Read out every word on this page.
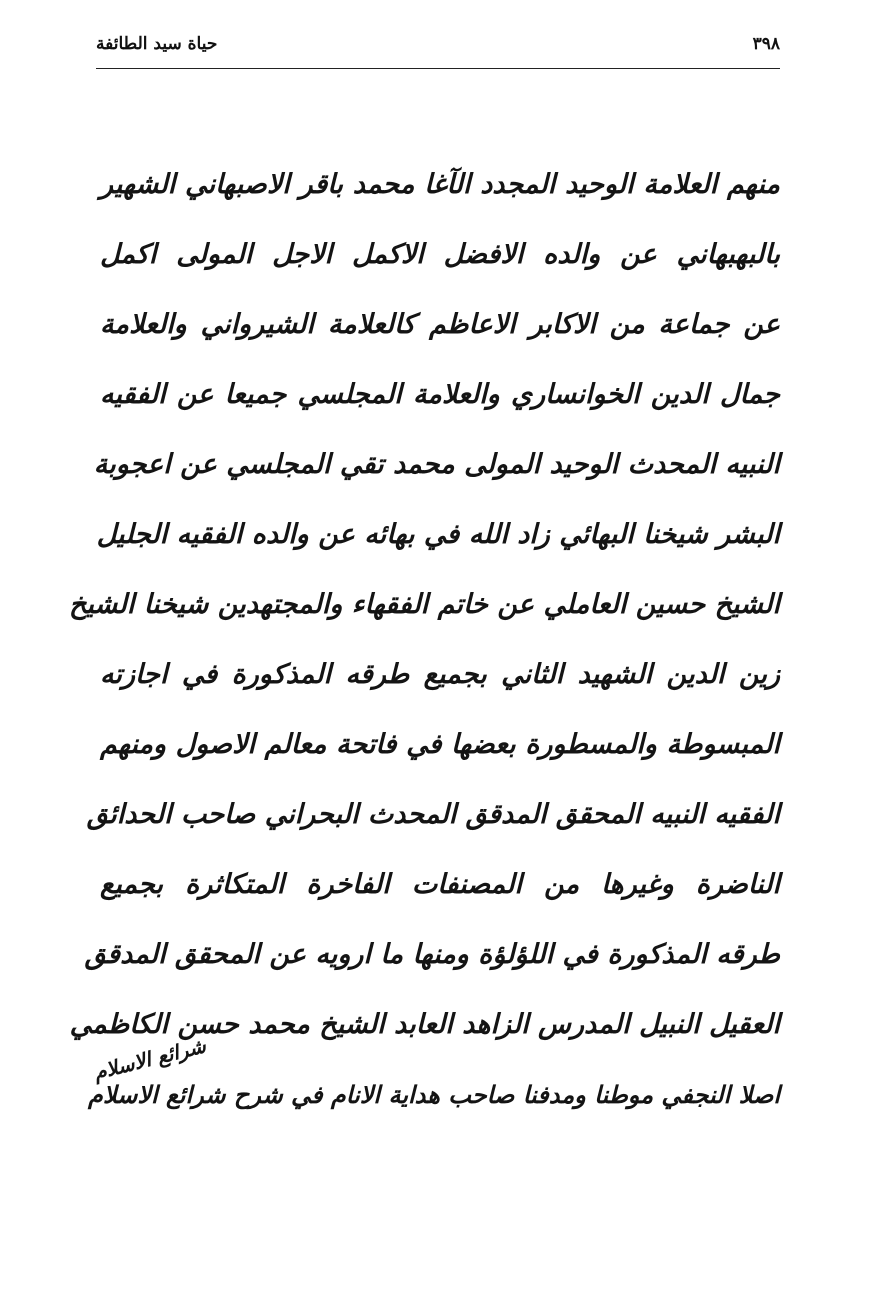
حياة سيد الطائفة	٣٩٨
منهم العلامة الوحيد المجدد الآغا محمد باقر الاصبهاني الشهير
بالبهبهاني عن والده الافضل الاكمل الاجل المولى اكمل
عن جماعة من الاكابر الاعاظم كالعلامة الشيرواني والعلامة
جمال الدين الخوانساري والعلامة المجلسي جميعا عن الفقيه
النبيه المحدث الوحيد المولى محمد تقي المجلسي عن اعجوبة
البشر شيخنا البهائي زاد الله في بهائه عن والده الفقيه الجليل
الشيخ حسين العاملي عن خاتم الفقهاء والمجتهدين شيخنا الشيخ
زين الدين الشهيد الثاني بجميع طرقه المذكورة في اجازته
المبسوطة والمسطورة بعضها في فاتحة معالم الاصول ومنهم
الفقيه النبيه المحقق المدقق المحدث البحراني صاحب الحدائق
الناضرة وغيرها من المصنفات الفاخرة المتكاثرة بجميع
طرقه المذكورة في اللؤلؤة ومنها ما ارويه عن المحقق المدقق
العقيل النبيل المدرس الزاهد العابد الشيخ محمد حسن الكاظمي
اصلا النجفي موطنا ومدفنا صاحب هداية الانام في شرح شرائع الاسلام
شرائع الاسلام
